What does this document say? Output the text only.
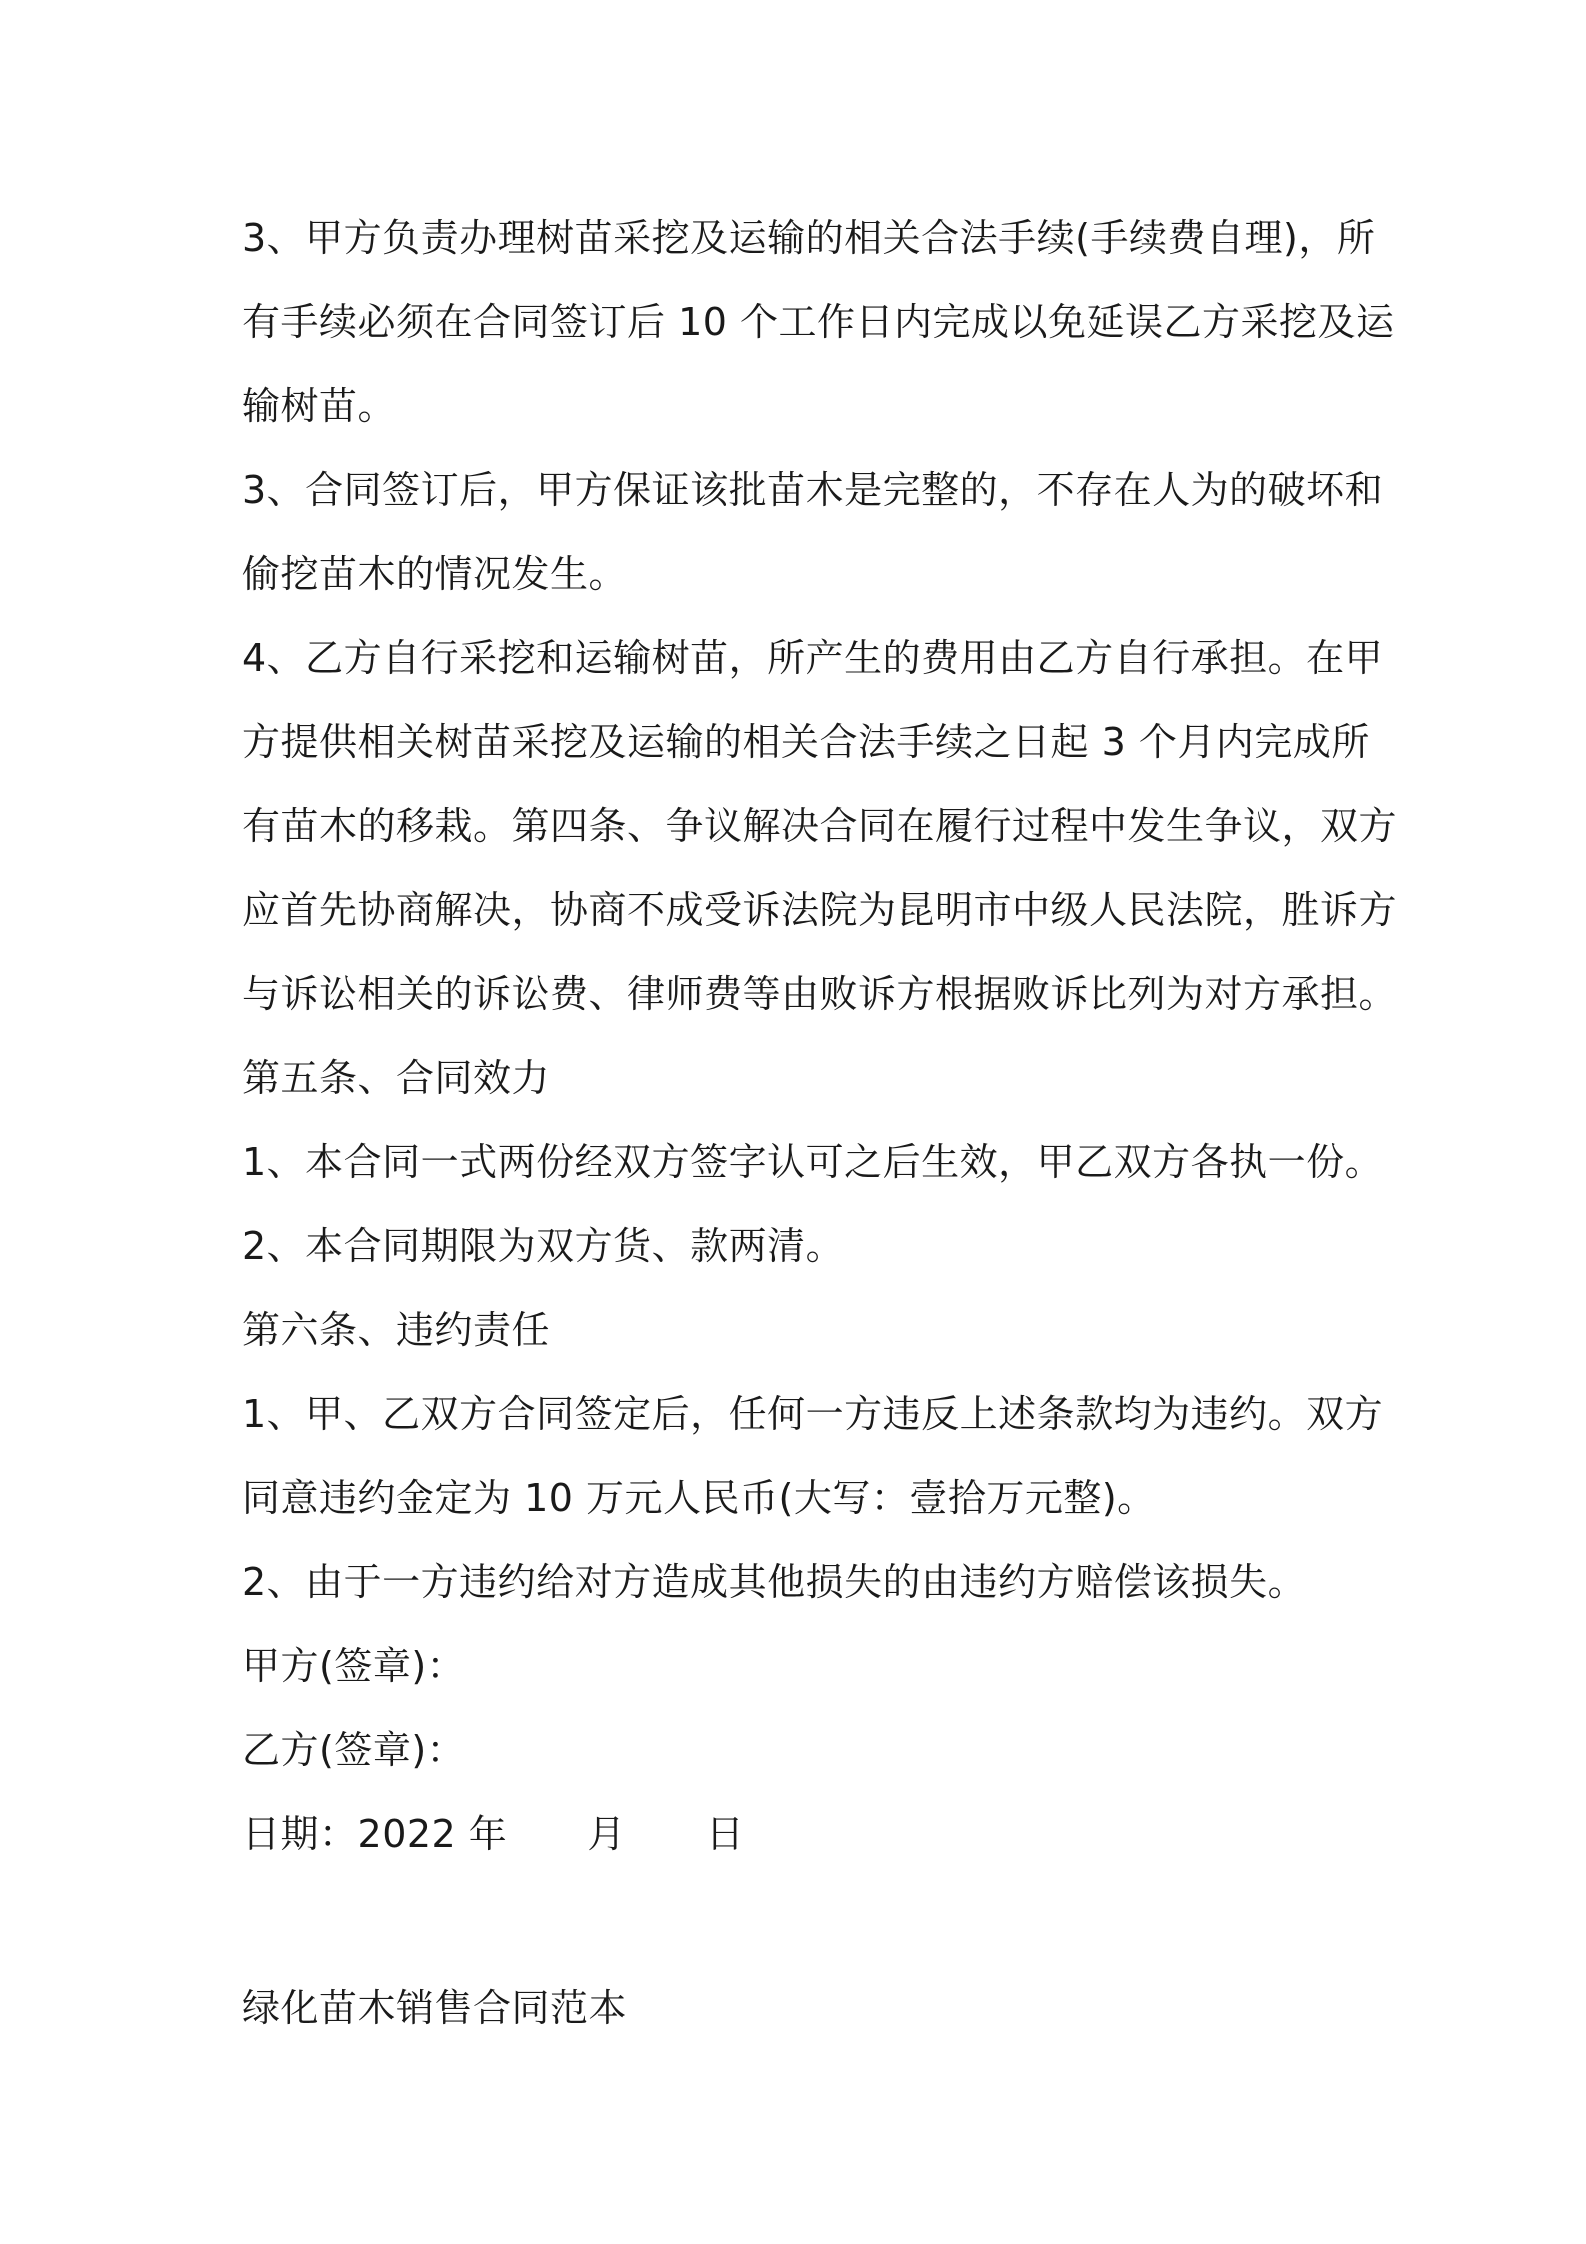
3、甲方负责办理树苗采挖及运输的相关合法手续(手续费自理)，所
有手续必须在合同签订后 10 个工作日内完成以免延误乙方采挖及运
输树苗。
3、合同签订后，甲方保证该批苗木是完整的，不存在人为的破坏和
偷挖苗木的情况发生。
4、乙方自行采挖和运输树苗，所产生的费用由乙方自行承担。在甲
方提供相关树苗采挖及运输的相关合法手续之日起 3 个月内完成所
有苗木的移栽。第四条、争议解决合同在履行过程中发生争议，双方
应首先协商解决，协商不成受诉法院为昆明市中级人民法院，胜诉方
与诉讼相关的诉讼费、律师费等由败诉方根据败诉比列为对方承担。
第五条、合同效力
1、本合同一式两份经双方签字认可之后生效，甲乙双方各执一份。
2、本合同期限为双方货、款两清。
第六条、违约责任
1、甲、乙双方合同签定后，任何一方违反上述条款均为违约。双方
同意违约金定为 10 万元人民币(大写：壹拾万元整)。
2、由于一方违约给对方造成其他损失的由违约方赔偿该损失。
甲方(签章)：
乙方(签章)：
日期：2022 年 月 日
绿化苗木销售合同范本
